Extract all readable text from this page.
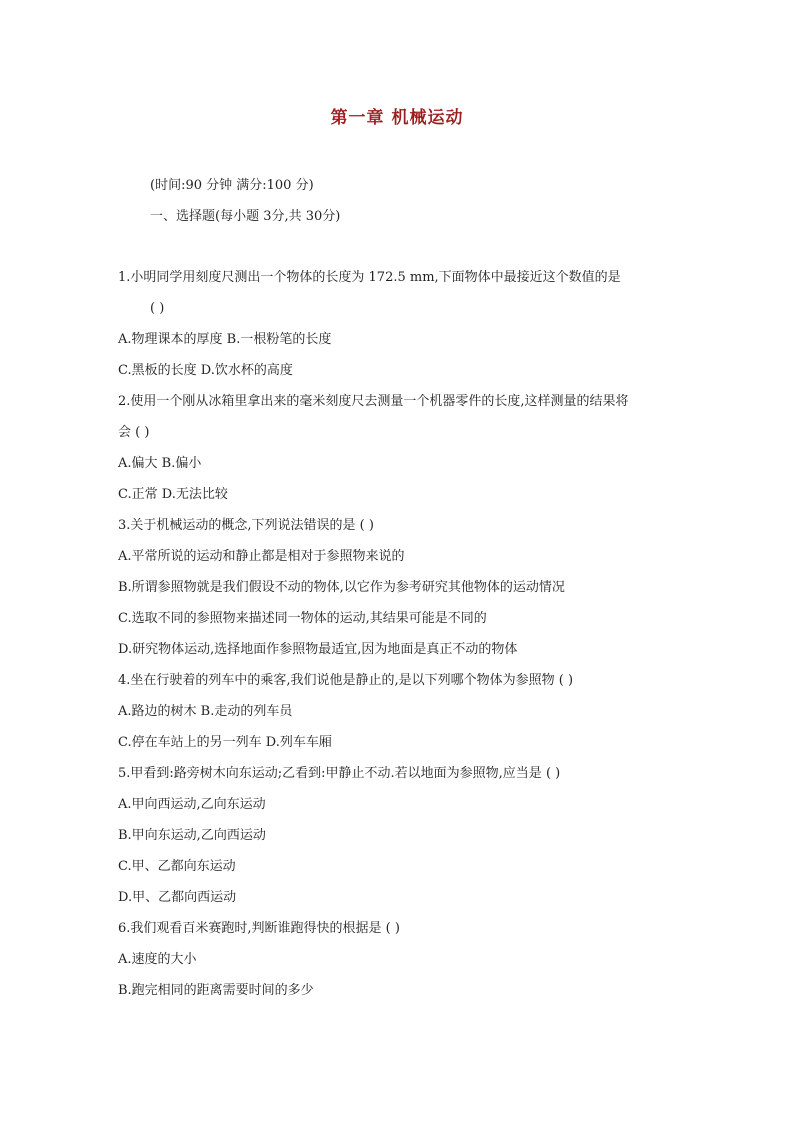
第一章 机械运动

(时间:90 分钟 满分:100 分)

一、选择题(每小题 3分,共 30分)

1.小明同学用刻度尺测出一个物体的长度为 172.5 mm,下面物体中最接近这个数值的是

( )

A.物理课本的厚度 B.一根粉笔的长度

C.黑板的长度 D.饮水杯的高度

2.使用一个刚从冰箱里拿出来的毫米刻度尺去测量一个机器零件的长度,这样测量的结果将

会 ( )

A.偏大 B.偏小

C.正常 D.无法比较

3.关于机械运动的概念,下列说法错误的是 ( )

A.平常所说的运动和静止都是相对于参照物来说的

B.所谓参照物就是我们假设不动的物体,以它作为参考研究其他物体的运动情况

C.选取不同的参照物来描述同一物体的运动,其结果可能是不同的

D.研究物体运动,选择地面作参照物最适宜,因为地面是真正不动的物体

4.坐在行驶着的列车中的乘客,我们说他是静止的,是以下列哪个物体为参照物 ( )

A.路边的树木 B.走动的列车员

C.停在车站上的另一列车 D.列车车厢

5.甲看到:路旁树木向东运动;乙看到:甲静止不动.若以地面为参照物,应当是 ( )

A.甲向西运动,乙向东运动

B.甲向东运动,乙向西运动

C.甲、乙都向东运动

D.甲、乙都向西运动

6.我们观看百米赛跑时,判断谁跑得快的根据是 ( )

A.速度的大小

B.跑完相同的距离需要时间的多少
